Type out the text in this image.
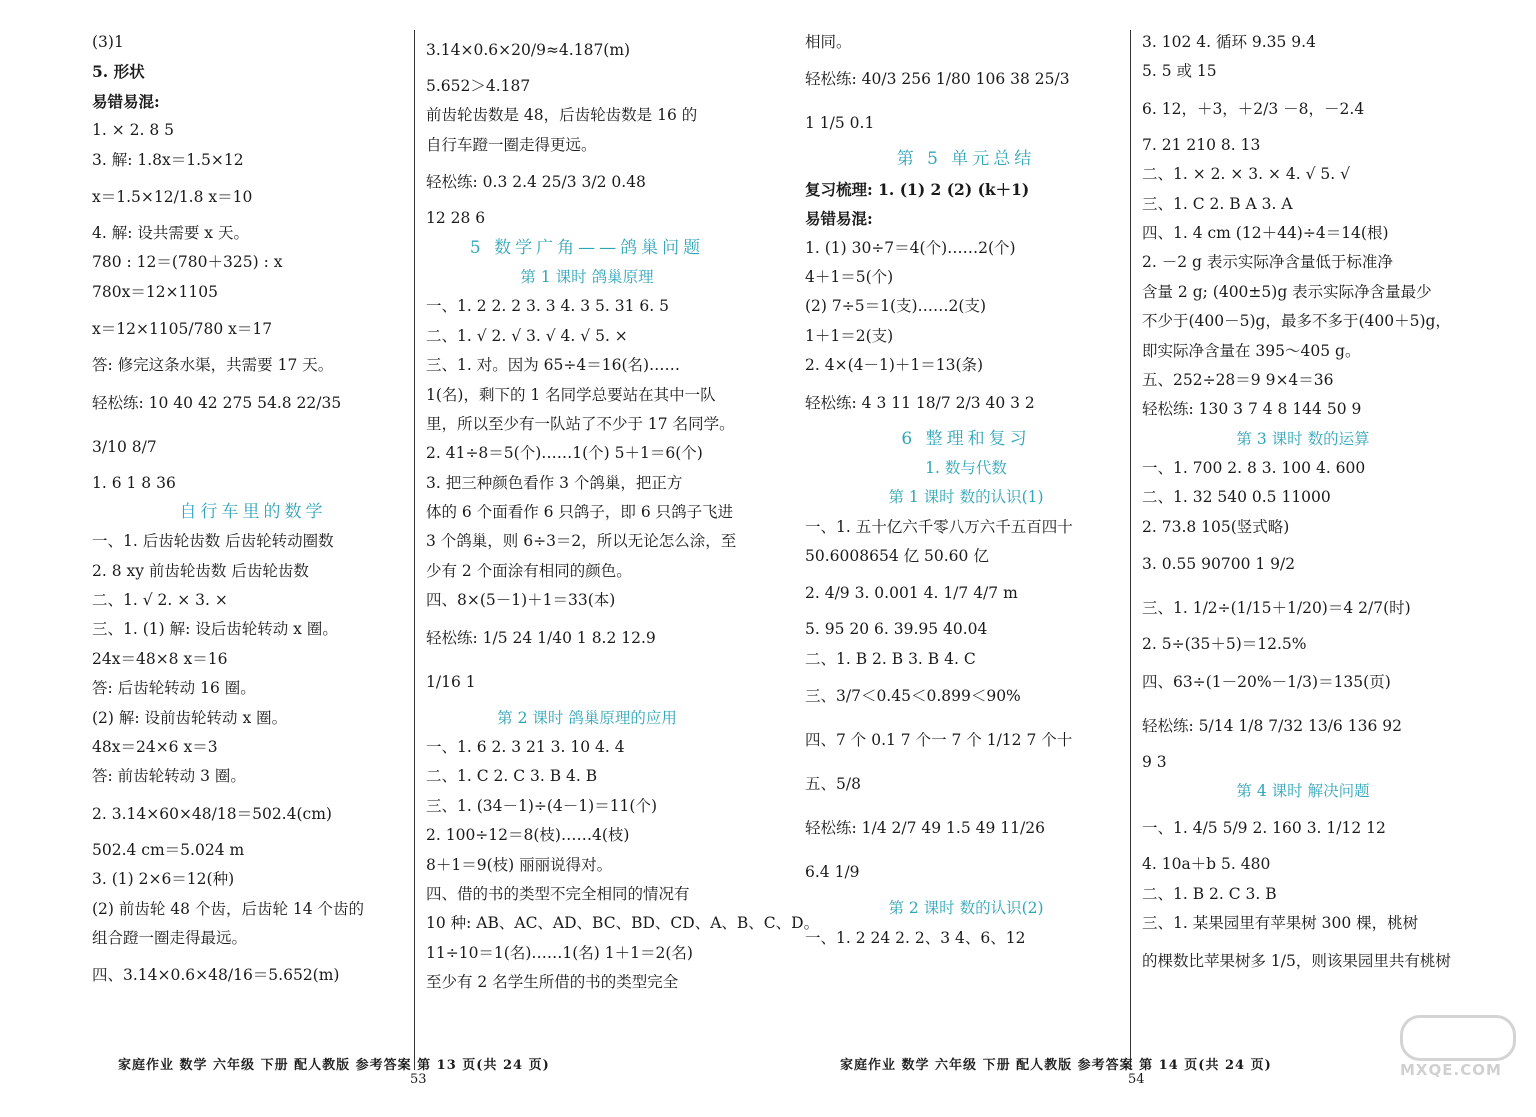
(3)1
5. 形状
易错易混:
1. × 2. 8 5
3. 解: 1.8x＝1.5×12
x＝1.5×12/1.8 x＝10
4. 解: 设共需要 x 天。
780 : 12＝(780＋325) : x
780x＝12×1105
x＝12×1105/780 x＝17
答: 修完这条水渠，共需要 17 天。
轻松练: 10 40 42 275 54.8 22/35
3/10 8/7
1. 6 1 8 36
自行车里的数学
一、1. 后齿轮齿数 后齿轮转动圈数
2. 8 xy 前齿轮齿数 后齿轮齿数
二、1. √ 2. × 3. ×
三、1. (1) 解: 设后齿轮转动 x 圈。
24x＝48×8 x＝16
答: 后齿轮转动 16 圈。
(2) 解: 设前齿轮转动 x 圈。
48x＝24×6 x＝3
答: 前齿轮转动 3 圈。
2. 3.14×60×48/18＝502.4(cm)
502.4 cm＝5.024 m
3. (1) 2×6＝12(种)
(2) 前齿轮 48 个齿，后齿轮 14 个齿的
组合蹬一圈走得最远。
四、3.14×0.6×48/16＝5.652(m)
3.14×0.6×20/9≈4.187(m)
5.652＞4.187
前齿轮齿数是 48，后齿轮齿数是 16 的
自行车蹬一圈走得更远。
轻松练: 0.3 2.4 25/3 3/2 0.48
12 28 6
5 数学广角——鸽巢问题
第 1 课时 鸽巢原理
一、1. 2 2. 2 3. 3 4. 3 5. 31 6. 5
二、1. √ 2. √ 3. √ 4. √ 5. ×
三、1. 对。因为 65÷4＝16(名)……
1(名)，剩下的 1 名同学总要站在其中一队
里，所以至少有一队站了不少于 17 名同学。
2. 41÷8＝5(个)……1(个) 5＋1＝6(个)
3. 把三种颜色看作 3 个鸽巢，把正方
体的 6 个面看作 6 只鸽子，即 6 只鸽子飞进
3 个鸽巢，则 6÷3＝2，所以无论怎么涂，至
少有 2 个面涂有相同的颜色。
四、8×(5－1)＋1＝33(本)
轻松练: 1/5 24 1/40 1 8.2 12.9
1/16 1
第 2 课时 鸽巢原理的应用
一、1. 6 2. 3 21 3. 10 4. 4
二、1. C 2. C 3. B 4. B
三、1. (34－1)÷(4－1)＝11(个)
2. 100÷12＝8(枝)……4(枝)
8＋1＝9(枝) 丽丽说得对。
四、借的书的类型不完全相同的情况有
10 种: AB、AC、AD、BC、BD、CD、A、B、C、D。
11÷10＝1(名)……1(名) 1＋1＝2(名)
至少有 2 名学生所借的书的类型完全
相同。
轻松练: 40/3 256 1/80 106 38 25/3
1 1/5 0.1
第 5 单元总结
复习梳理: 1. (1) 2 (2) (k＋1)
易错易混:
1. (1) 30÷7＝4(个)……2(个)
4＋1＝5(个)
(2) 7÷5＝1(支)……2(支)
1＋1＝2(支)
2. 4×(4－1)＋1＝13(条)
轻松练: 4 3 11 18/7 2/3 40 3 2
6 整理和复习
1. 数与代数
第 1 课时 数的认识(1)
一、1. 五十亿六千零八万六千五百四十
50.6008654 亿 50.60 亿
2. 4/9 3. 0.001 4. 1/7 4/7 m
5. 95 20 6. 39.95 40.04
二、1. B 2. B 3. B 4. C
三、3/7＜0.45＜0.899＜90%
四、7 个 0.1 7 个一 7 个 1/12 7 个十
五、5/8
轻松练: 1/4 2/7 49 1.5 49 11/26
6.4 1/9
第 2 课时 数的认识(2)
一、1. 2 24 2. 2、3 4、6、12
3. 102 4. 循环 9.35 9.4
5. 5 或 15
6. 12，＋3，＋2/3 －8，－2.4
7. 21 210 8. 13
二、1. × 2. × 3. × 4. √ 5. √
三、1. C 2. B A 3. A
四、1. 4 cm (12＋44)÷4＝14(根)
2. －2 g 表示实际净含量低于标准净
含量 2 g; (400±5)g 表示实际净含量最少
不少于(400－5)g，最多不多于(400＋5)g，
即实际净含量在 395～405 g。
五、252÷28＝9 9×4＝36
轻松练: 130 3 7 4 8 144 50 9
第 3 课时 数的运算
一、1. 700 2. 8 3. 100 4. 600
二、1. 32 540 0.5 11000
2. 73.8 105(竖式略)
3. 0.55 90700 1 9/2
三、1. 1/2÷(1/15＋1/20)＝4 2/7(时)
2. 5÷(35＋5)＝12.5%
四、63÷(1－20%－1/3)＝135(页)
轻松练: 5/14 1/8 7/32 13/6 136 92
9 3
第 4 课时 解决问题
一、1. 4/5 5/9 2. 160 3. 1/12 12
4. 10a＋b 5. 480
二、1. B 2. C 3. B
三、1. 某果园里有苹果树 300 棵，桃树
的棵数比苹果树多 1/5，则该果园里共有桃树
家庭作业 数学 六年级 下册 配人教版 参考答案 第 13 页(共 24 页)	家庭作业 数学 六年级 下册 配人教版 参考答案 第 14 页(共 24 页)
53	54
MXQE.COM
